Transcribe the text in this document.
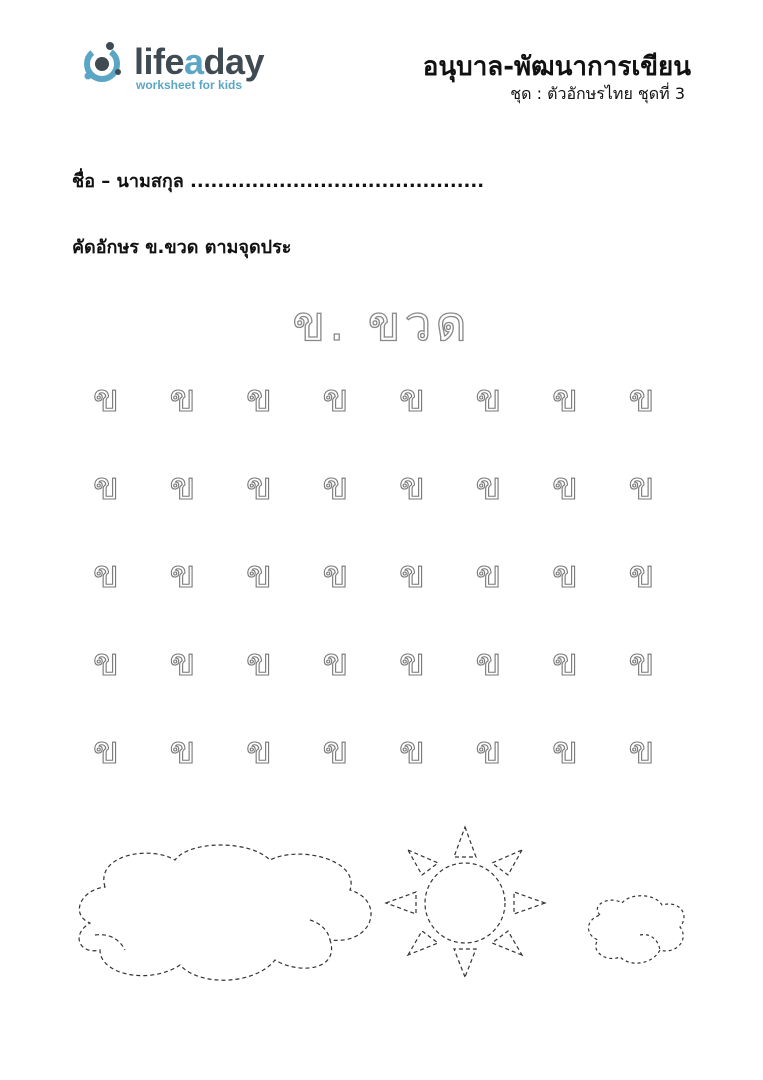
lifeaday
worksheet for kids
อนุบาล-พัฒนาการเขียน
ชุด : ตัวอักษรไทย ชุดที่ 3
ชื่อ – นามสกุล ...........................................
คัดอักษร ข.ขวด ตามจุดประ
ข. ขวด
ข	ข	ข	ข	ข	ข	ข	ข
ข	ข	ข	ข	ข	ข	ข	ข
ข	ข	ข	ข	ข	ข	ข	ข
ข	ข	ข	ข	ข	ข	ข	ข
ข	ข	ข	ข	ข	ข	ข	ข
